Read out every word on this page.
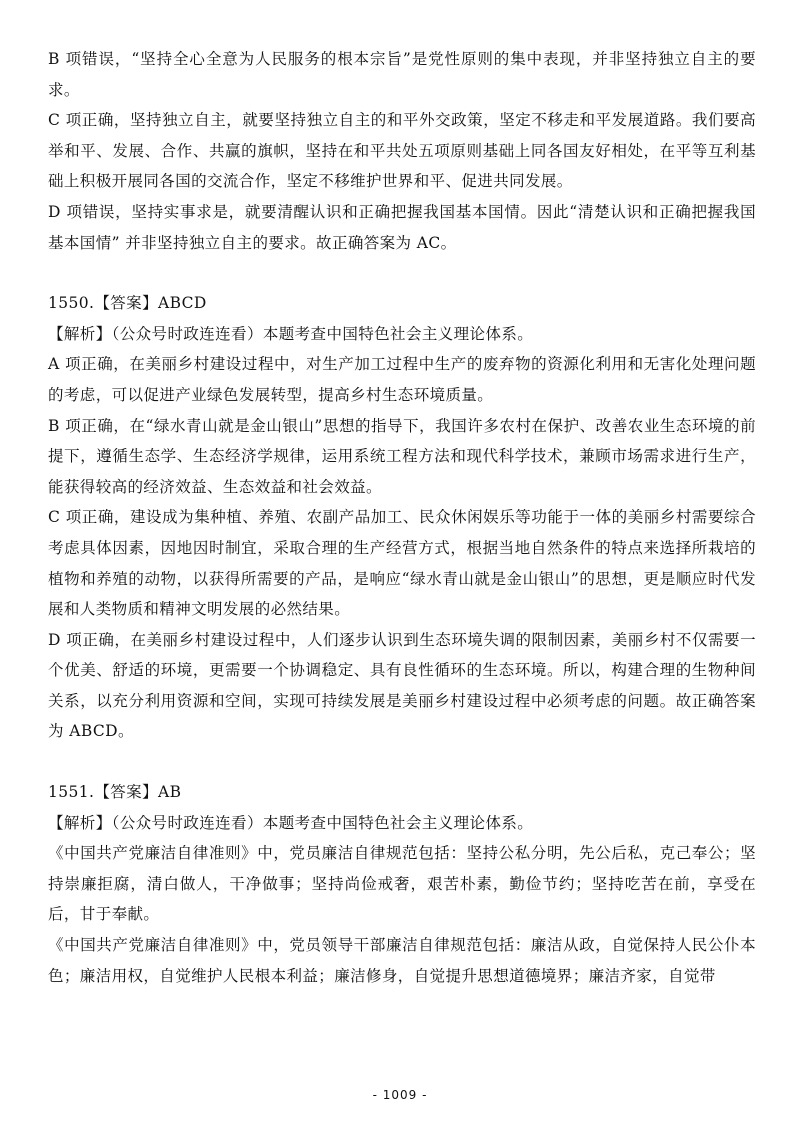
B 项错误，“坚持全心全意为人民服务的根本宗旨”是党性原则的集中表现，并非坚持独立自主的要求。

C 项正确，坚持独立自主，就要坚持独立自主的和平外交政策，坚定不移走和平发展道路。我们要高举和平、发展、合作、共赢的旗帜，坚持在和平共处五项原则基础上同各国友好相处，在平等互利基础上积极开展同各国的交流合作，坚定不移维护世界和平、促进共同发展。

D 项错误，坚持实事求是，就要清醒认识和正确把握我国基本国情。因此“清楚认识和正确把握我国基本国情” 并非坚持独立自主的要求。故正确答案为 AC。

1550.【答案】ABCD

【解析】（公众号时政连连看）本题考查中国特色社会主义理论体系。

A 项正确，在美丽乡村建设过程中，对生产加工过程中生产的废弃物的资源化利用和无害化处理问题的考虑，可以促进产业绿色发展转型，提高乡村生态环境质量。

B 项正确，在“绿水青山就是金山银山”思想的指导下，我国许多农村在保护、改善农业生态环境的前提下，遵循生态学、生态经济学规律，运用系统工程方法和现代科学技术，兼顾市场需求进行生产，能获得较高的经济效益、生态效益和社会效益。

C 项正确，建设成为集种植、养殖、农副产品加工、民众休闲娱乐等功能于一体的美丽乡村需要综合考虑具体因素，因地因时制宜，采取合理的生产经营方式，根据当地自然条件的特点来选择所栽培的植物和养殖的动物，以获得所需要的产品，是响应“绿水青山就是金山银山”的思想，更是顺应时代发展和人类物质和精神文明发展的必然结果。

D 项正确，在美丽乡村建设过程中，人们逐步认识到生态环境失调的限制因素，美丽乡村不仅需要一个优美、舒适的环境，更需要一个协调稳定、具有良性循环的生态环境。所以，构建合理的生物种间关系，以充分利用资源和空间，实现可持续发展是美丽乡村建设过程中必须考虑的问题。故正确答案为 ABCD。

1551.【答案】AB

【解析】（公众号时政连连看）本题考查中国特色社会主义理论体系。

《中国共产党廉洁自律准则》中，党员廉洁自律规范包括：坚持公私分明，先公后私，克己奉公；坚持崇廉拒腐，清白做人，干净做事；坚持尚俭戒奢，艰苦朴素，勤俭节约；坚持吃苦在前，享受在后，甘于奉献。

《中国共产党廉洁自律准则》中，党员领导干部廉洁自律规范包括：廉洁从政，自觉保持人民公仆本色；廉洁用权，自觉维护人民根本利益；廉洁修身，自觉提升思想道德境界；廉洁齐家，自觉带

- 1009 -
